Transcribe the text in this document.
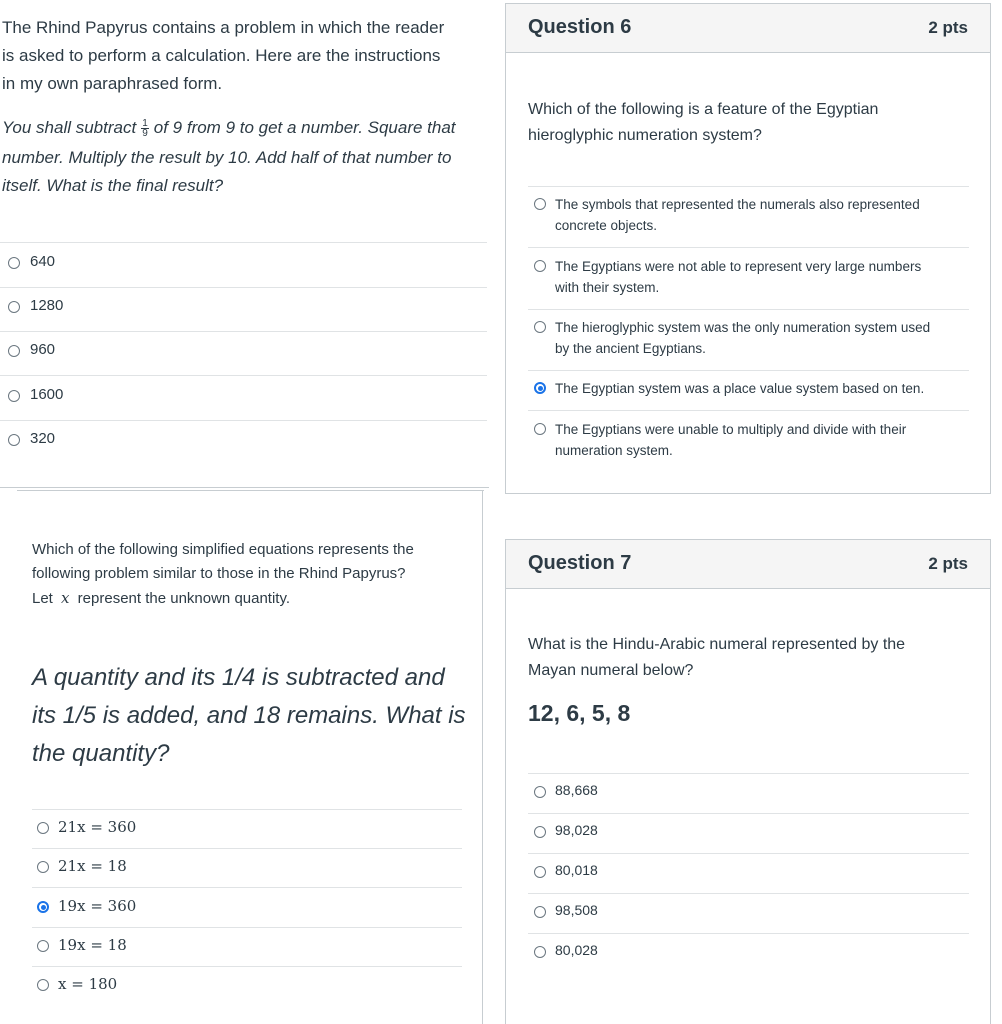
The Rhind Papyrus contains a problem in which the reader
is asked to perform a calculation. Here are the instructions
in my own paraphrased form.
You shall subtract $\frac{1}{9}$ of 9 from 9 to get a number. Square that
number. Multiply the result by 10. Add half of that number to
itself. What is the final result?
640
1280
960
1600
320
Which of the following simplified equations represents the
following problem similar to those in the Rhind Papyrus?
Let x represent the unknown quantity.
A quantity and its 1/4 is subtracted and
its 1/5 is added, and 18 remains. What is
the quantity?
21x = 360
21x = 18
19x = 360
19x = 18
x = 180
Question 6	2 pts
Which of the following is a feature of the Egyptian
hieroglyphic numeration system?
The symbols that represented the numerals also represented
concrete objects.
The Egyptians were not able to represent very large numbers
with their system.
The hieroglyphic system was the only numeration system used
by the ancient Egyptians.
The Egyptian system was a place value system based on ten.
The Egyptians were unable to multiply and divide with their
numeration system.
Question 7	2 pts
What is the Hindu-Arabic numeral represented by the
Mayan numeral below?
12, 6, 5, 8
88,668
98,028
80,018
98,508
80,028
